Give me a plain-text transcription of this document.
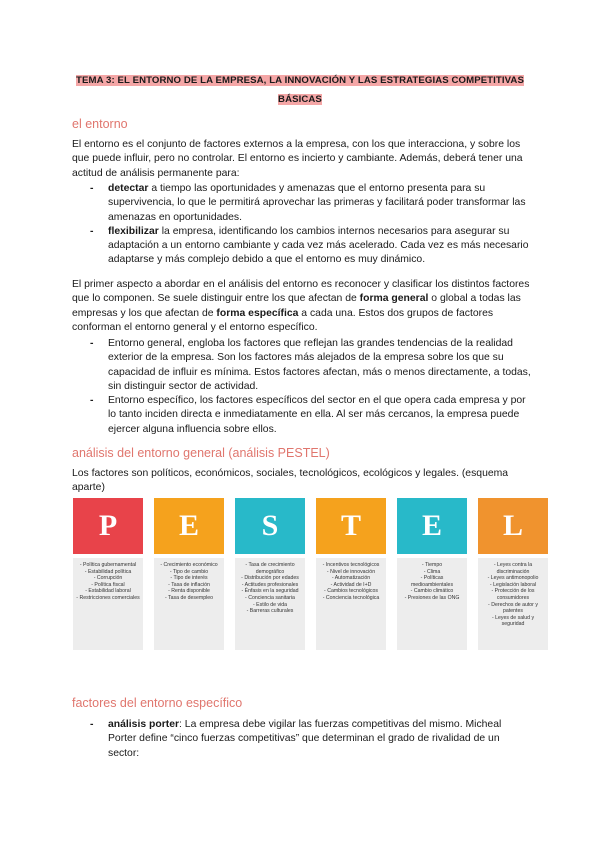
TEMA 3: EL ENTORNO DE LA EMPRESA, LA INNOVACIÓN Y LAS ESTRATEGIAS COMPETITIVAS BÁSICAS
el entorno
El entorno es el conjunto de factores externos a la empresa, con los que interacciona, y sobre los que puede influir, pero no controlar. El entorno es incierto y cambiante. Además, deberá tener una actitud de análisis permanente para:
- detectar a tiempo las oportunidades y amenazas que el entorno presenta para su supervivencia, lo que le permitirá aprovechar las primeras y facilitará poder transformar las amenazas en oportunidades.
- flexibilizar la empresa, identificando los cambios internos necesarios para asegurar su adaptación a un entorno cambiante y cada vez más acelerado. Cada vez es más necesario adaptarse y más complejo debido a que el entorno es muy dinámico.
El primer aspecto a abordar en el análisis del entorno es reconocer y clasificar los distintos factores que lo componen. Se suele distinguir entre los que afectan de forma general o global a todas las empresas y los que afectan de forma específica a cada una. Estos dos grupos de factores conforman el entorno general y el entorno específico.
- Entorno general, engloba los factores que reflejan las grandes tendencias de la realidad exterior de la empresa. Son los factores más alejados de la empresa sobre los que su capacidad de influir es mínima. Estos factores afectan, más o menos directamente, a todas, sin distinguir sector de actividad.
- Entorno específico, los factores específicos del sector en el que opera cada empresa y por lo tanto inciden directa e inmediatamente en ella. Al ser más cercanos, la empresa puede ejercer alguna influencia sobre ellos.
análisis del entorno general (análisis PESTEL)
Los factores son políticos, económicos, sociales, tecnológicos, ecológicos y legales. (esquema aparte)
P
- Política gubernamental
- Estabilidad política
- Corrupción
- Política fiscal
- Estabilidad laboral
- Restricciones comerciales
E
- Crecimiento económico
- Tipo de cambio
- Tipo de interés
- Tasa de inflación
- Renta disponible
- Tasa de desempleo
S
- Tasa de crecimiento demográfico
- Distribución por edades
- Actitudes profesionales
- Énfasis en la seguridad
- Conciencia sanitaria
- Estilo de vida
- Barreras culturales
T
- Incentivos tecnológicos
- Nivel de innovación
- Automatización
- Actividad de I+D
- Cambios tecnológicos
- Conciencia tecnológica
E
- Tiempo
- Clima
- Políticas medioambientales
- Cambio climático
- Presiones de las ONG
L
- Leyes contra la discriminación
- Leyes antimonopolio
- Legislación laboral
- Protección de los consumidores
- Derechos de autor y patentes
- Leyes de salud y seguridad
factores del entorno específico
- análisis porter: La empresa debe vigilar las fuerzas competitivas del mismo. Micheal Porter define “cinco fuerzas competitivas” que determinan el grado de rivalidad de un sector:
